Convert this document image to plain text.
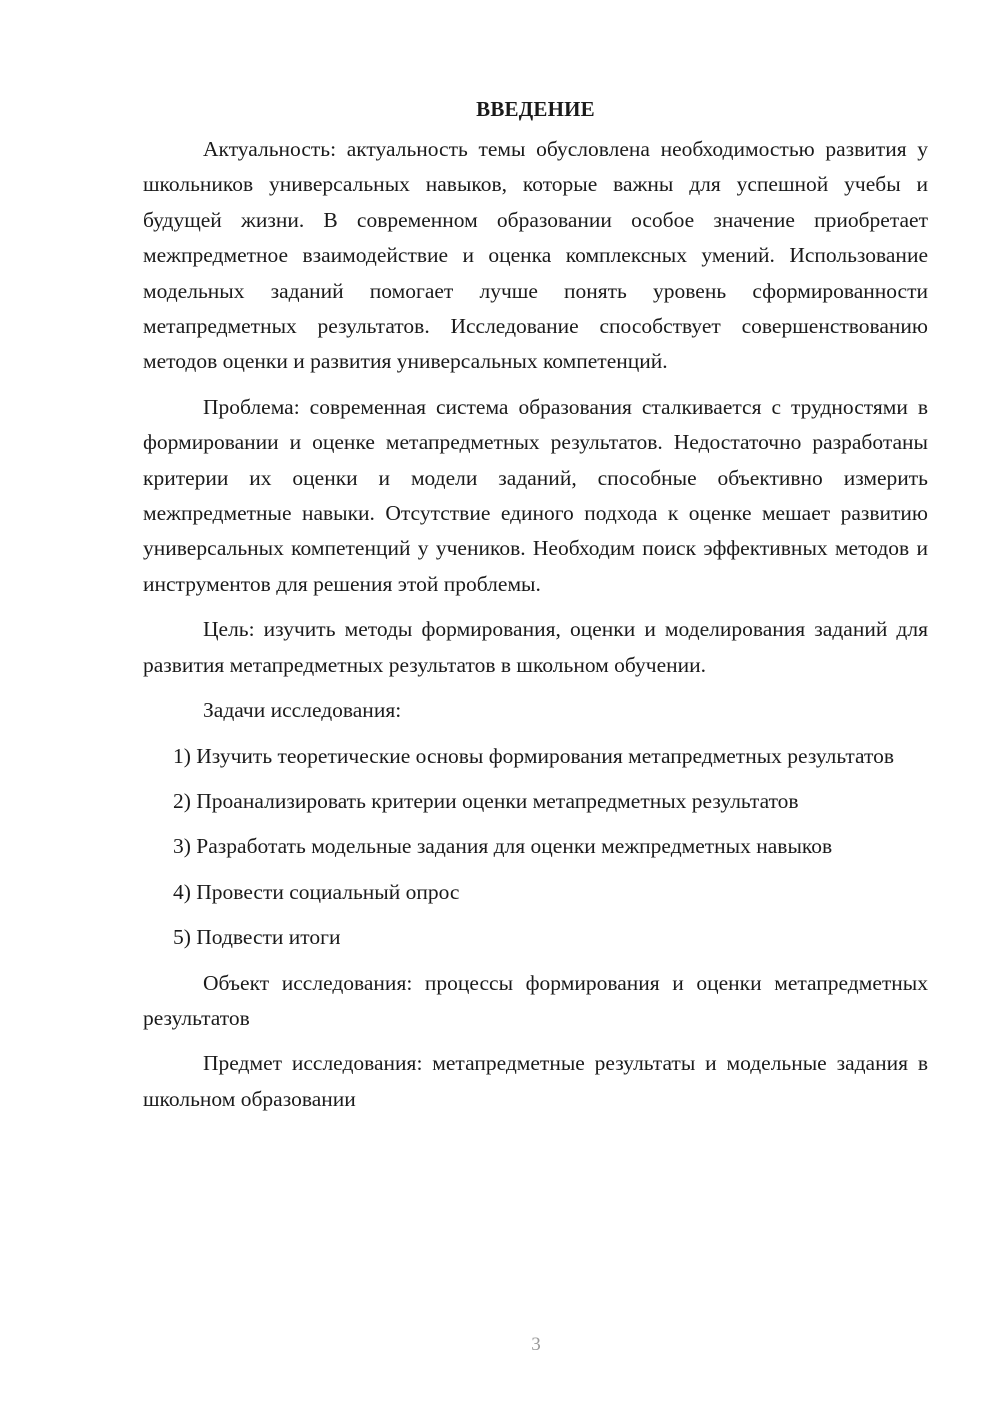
ВВЕДЕНИЕ

Актуальность: актуальность темы обусловлена необходимостью развития у школьников универсальных навыков, которые важны для успешной учебы и будущей жизни. В современном образовании особое значение приобретает межпредметное взаимодействие и оценка комплексных умений. Использование модельных заданий помогает лучше понять уровень сформированности метапредметных результатов. Исследование способствует совершенствованию методов оценки и развития универсальных компетенций.

Проблема: современная система образования сталкивается с трудностями в формировании и оценке метапредметных результатов. Недостаточно разработаны критерии их оценки и модели заданий, способные объективно измерить межпредметные навыки. Отсутствие единого подхода к оценке мешает развитию универсальных компетенций у учеников. Необходим поиск эффективных методов и инструментов для решения этой проблемы.

Цель: изучить методы формирования, оценки и моделирования заданий для развития метапредметных результатов в школьном обучении.

Задачи исследования:

1) Изучить теоретические основы формирования метапредметных результатов

2) Проанализировать критерии оценки метапредметных результатов

3) Разработать модельные задания для оценки межпредметных навыков

4) Провести социальный опрос

5) Подвести итоги

Объект исследования: процессы формирования и оценки метапредметных результатов

Предмет исследования: метапредметные результаты и модельные задания в школьном образовании

3
